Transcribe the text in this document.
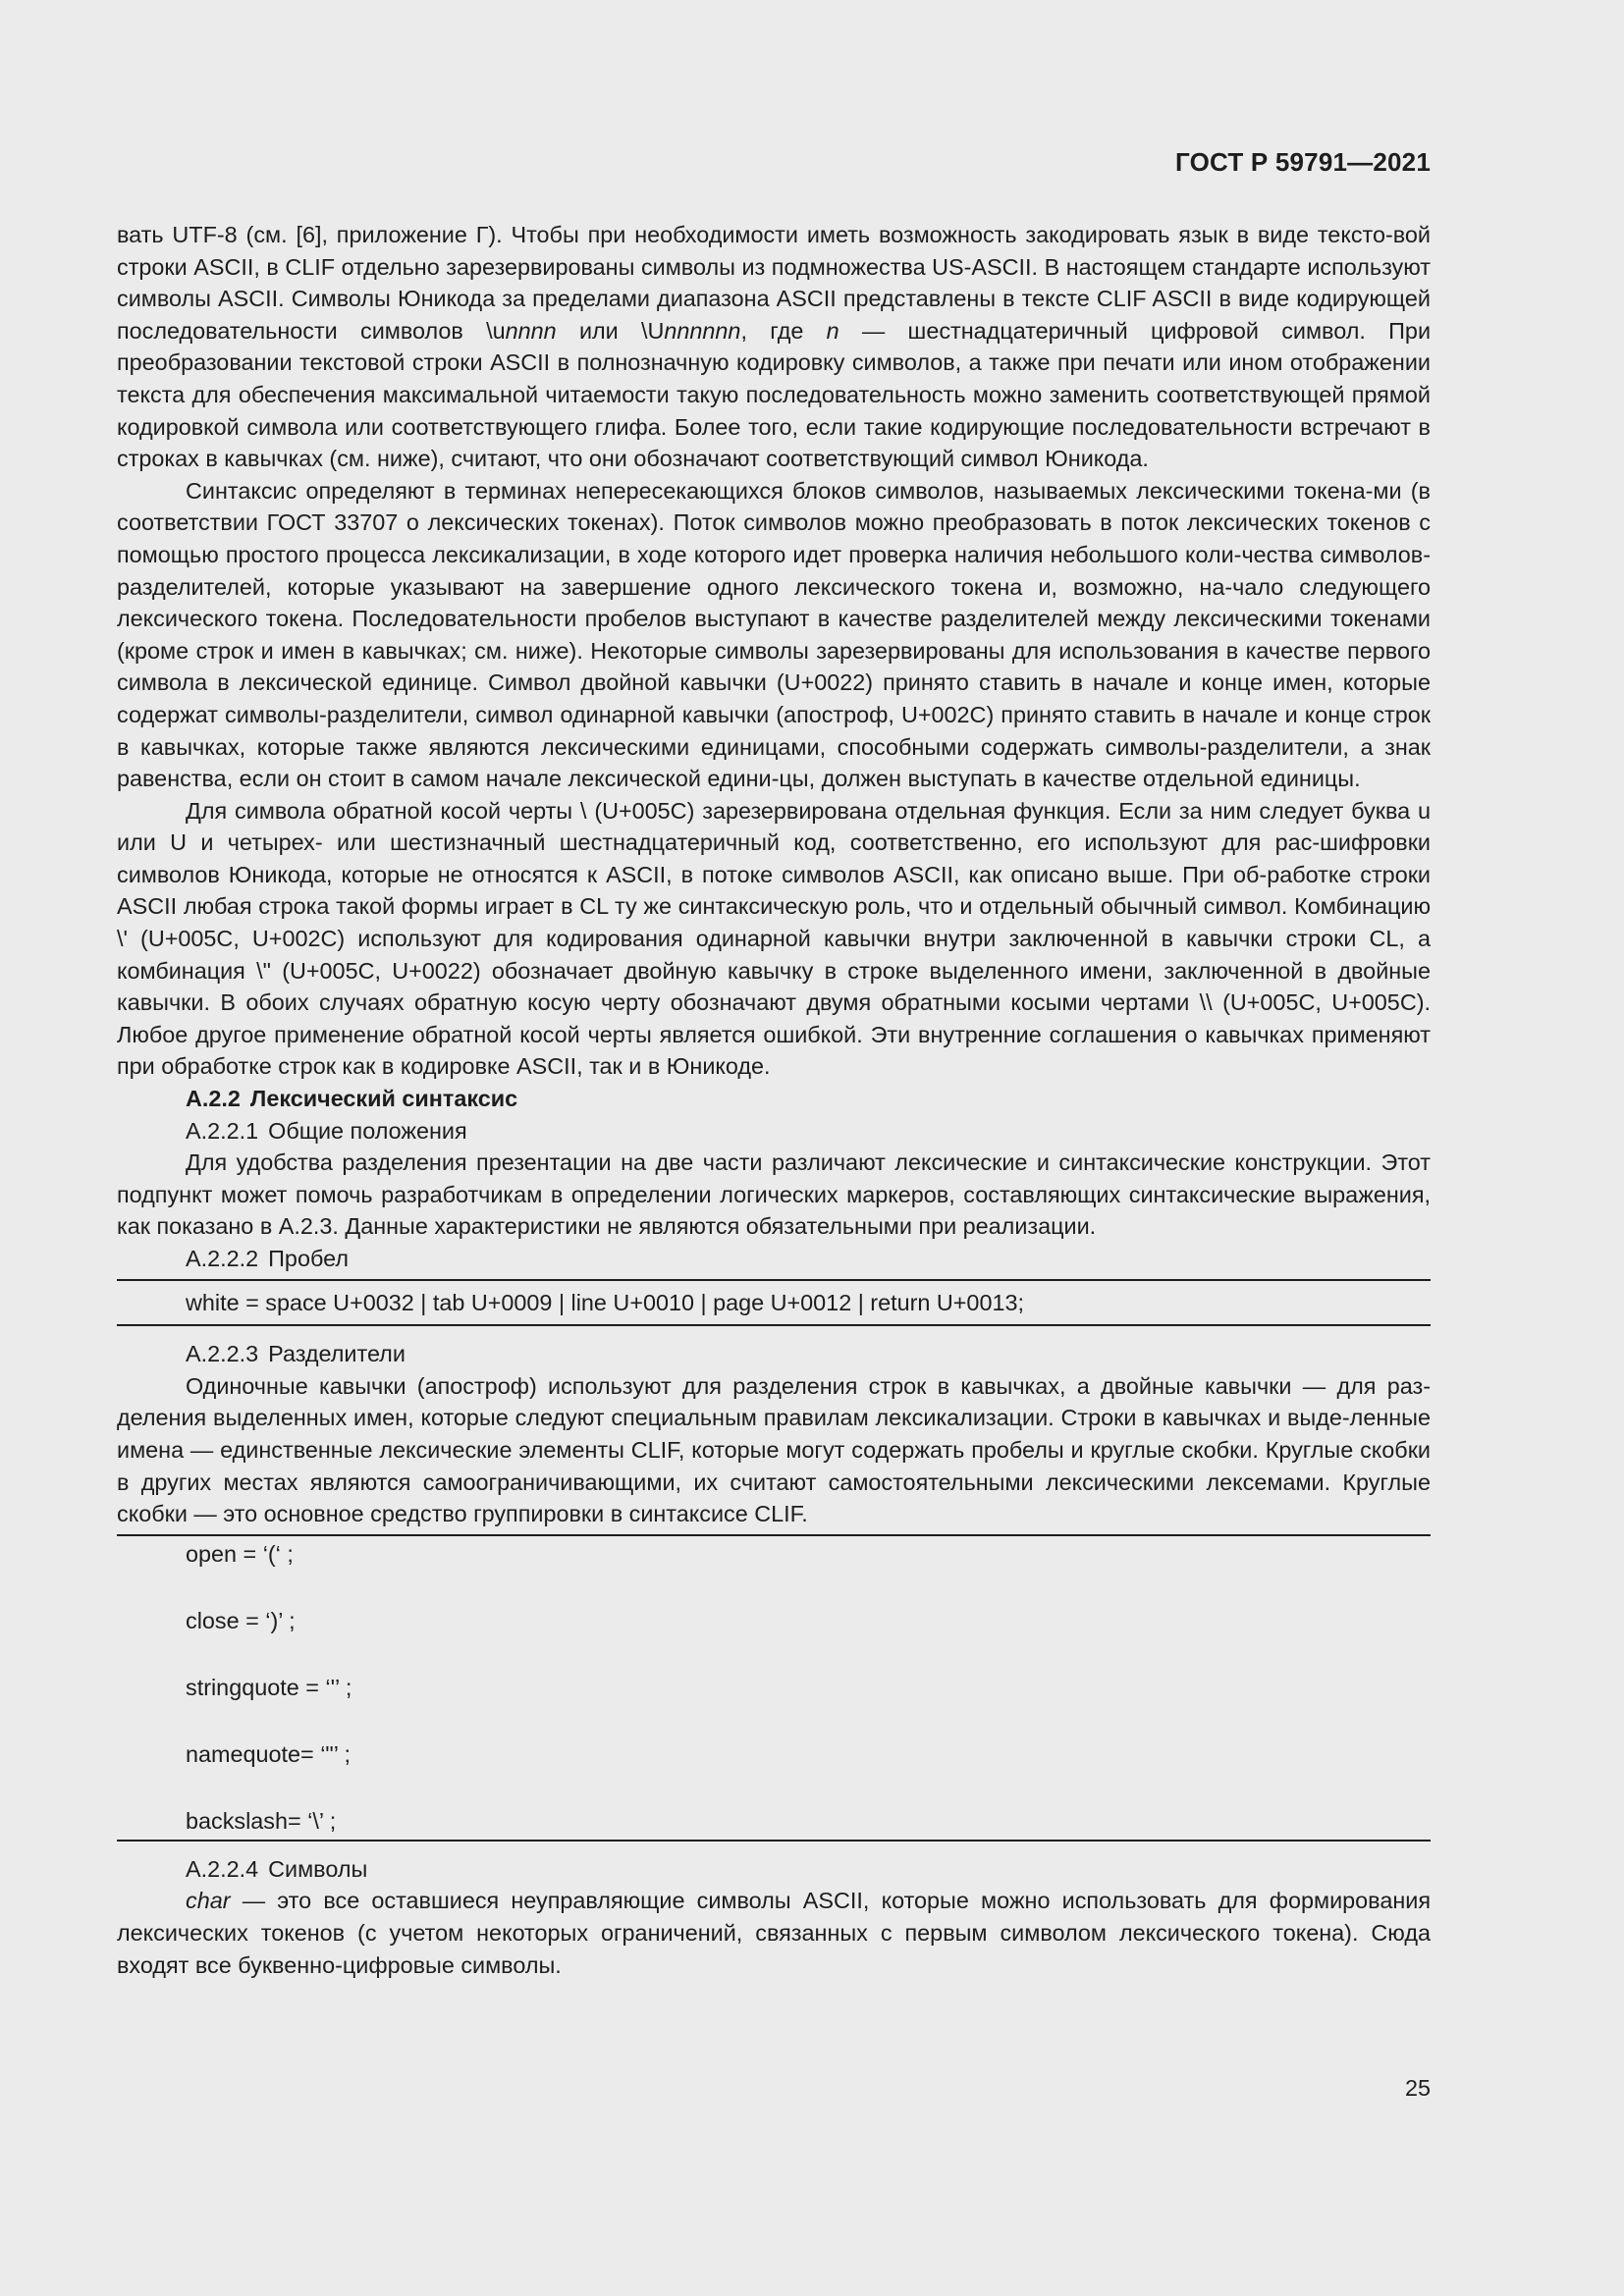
ГОСТ Р 59791—2021

вать UTF-8 (см. [6], приложение Г). Чтобы при необходимости иметь возможность закодировать язык в виде тексто-вой строки ASCII, в CLIF отдельно зарезервированы символы из подмножества US-ASCII. В настоящем стандарте используют символы ASCII. Символы Юникода за пределами диапазона ASCII представлены в тексте CLIF ASCII в виде кодирующей последовательности символов \unnnn или \Unnnnnn, где n — шестнадцатеричный цифровой символ. При преобразовании текстовой строки ASCII в полнозначную кодировку символов, а также при печати или ином отображении текста для обеспечения максимальной читаемости такую последовательность можно заменить соответствующей прямой кодировкой символа или соответствующего глифа. Более того, если такие кодирующие последовательности встречают в строках в кавычках (см. ниже), считают, что они обозначают соответствующий символ Юникода.

Синтаксис определяют в терминах непересекающихся блоков символов, называемых лексическими токена-ми (в соответствии ГОСТ 33707 о лексических токенах). Поток символов можно преобразовать в поток лексических токенов с помощью простого процесса лексикализации, в ходе которого идет проверка наличия небольшого коли-чества символов-разделителей, которые указывают на завершение одного лексического токена и, возможно, на-чало следующего лексического токена. Последовательности пробелов выступают в качестве разделителей между лексическими токенами (кроме строк и имен в кавычках; см. ниже). Некоторые символы зарезервированы для использования в качестве первого символа в лексической единице. Символ двойной кавычки (U+0022) принято ставить в начале и конце имен, которые содержат символы-разделители, символ одинарной кавычки (апостроф, U+002C) принято ставить в начале и конце строк в кавычках, которые также являются лексическими единицами, способными содержать символы-разделители, а знак равенства, если он стоит в самом начале лексической едини-цы, должен выступать в качестве отдельной единицы.

Для символа обратной косой черты \ (U+005C) зарезервирована отдельная функция. Если за ним следует буква u или U и четырех- или шестизначный шестнадцатеричный код, соответственно, его используют для рас-шифровки символов Юникода, которые не относятся к ASCII, в потоке символов ASCII, как описано выше. При об-работке строки ASCII любая строка такой формы играет в CL ту же синтаксическую роль, что и отдельный обычный символ. Комбинацию \' (U+005C, U+002C) используют для кодирования одинарной кавычки внутри заключенной в кавычки строки CL, а комбинация \" (U+005C, U+0022) обозначает двойную кавычку в строке выделенного имени, заключенной в двойные кавычки. В обоих случаях обратную косую черту обозначают двумя обратными косыми чертами \\ (U+005C, U+005C). Любое другое применение обратной косой черты является ошибкой. Эти внутренние соглашения о кавычках применяют при обработке строк как в кодировке ASCII, так и в Юникоде.

А.2.2 Лексический синтаксис

А.2.2.1 Общие положения

Для удобства разделения презентации на две части различают лексические и синтаксические конструкции. Этот подпункт может помочь разработчикам в определении логических маркеров, составляющих синтаксические выражения, как показано в А.2.3. Данные характеристики не являются обязательными при реализации.

А.2.2.2 Пробел

white = space U+0032 | tab U+0009 | line U+0010 | page U+0012 | return U+0013;

А.2.2.3 Разделители

Одиночные кавычки (апостроф) используют для разделения строк в кавычках, а двойные кавычки — для раз-деления выделенных имен, которые следуют специальным правилам лексикализации. Строки в кавычках и выде-ленные имена — единственные лексические элементы CLIF, которые могут содержать пробелы и круглые скобки. Круглые скобки в других местах являются самоограничивающими, их считают самостоятельными лексическими лексемами. Круглые скобки — это основное средство группировки в синтаксисе CLIF.

open = ‘(‘ ;
close = ‘)’ ;
stringquote = ‘'’ ;
namequote= ‘"’ ;
backslash= ‘\’ ;

А.2.2.4 Символы

char — это все оставшиеся неуправляющие символы ASCII, которые можно использовать для формирования лексических токенов (с учетом некоторых ограничений, связанных с первым символом лексического токена). Сюда входят все буквенно-цифровые символы.

25
